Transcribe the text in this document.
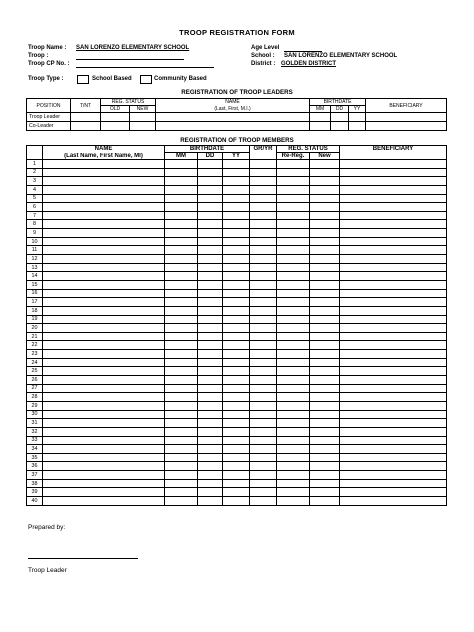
TROOP REGISTRATION FORM
Troop Name : SAN LORENZO ELEMENTARY SCHOOL
Troop :
Troop CP No. :
Age Level
School : SAN LORENZO ELEMENTARY SCHOOL
District : GOLDEN DISTRICT
Troop Type :	School Based	Community Based
REGISTRATION OF TROOP LEADERS
POSITION	T/NT	REG. STATUS		NAME	BIRTHDATE			BENEFICIARY
		OLD	NEW	(Last, First, M.I.)	MM	DD	YY	
Troop Leader								
Co-Leader								
REGISTRATION OF TROOP MEMBERS
	NAME	BIRTHDATE			GR/YR	REG. STATUS		BENEFICIARY
	(Last Name, First Name, MI)	MM	DD	YY		Re-Reg.	New	
1								
2								
3								
4								
5								
6								
7								
8								
9								
10								
11								
12								
13								
14								
15								
16								
17								
18								
19								
20								
21								
22								
23								
24								
25								
26								
27								
28								
29								
30								
31								
32								
33								
34								
35								
36								
37								
38								
39								
40								
Prepared by:
Troop Leader
